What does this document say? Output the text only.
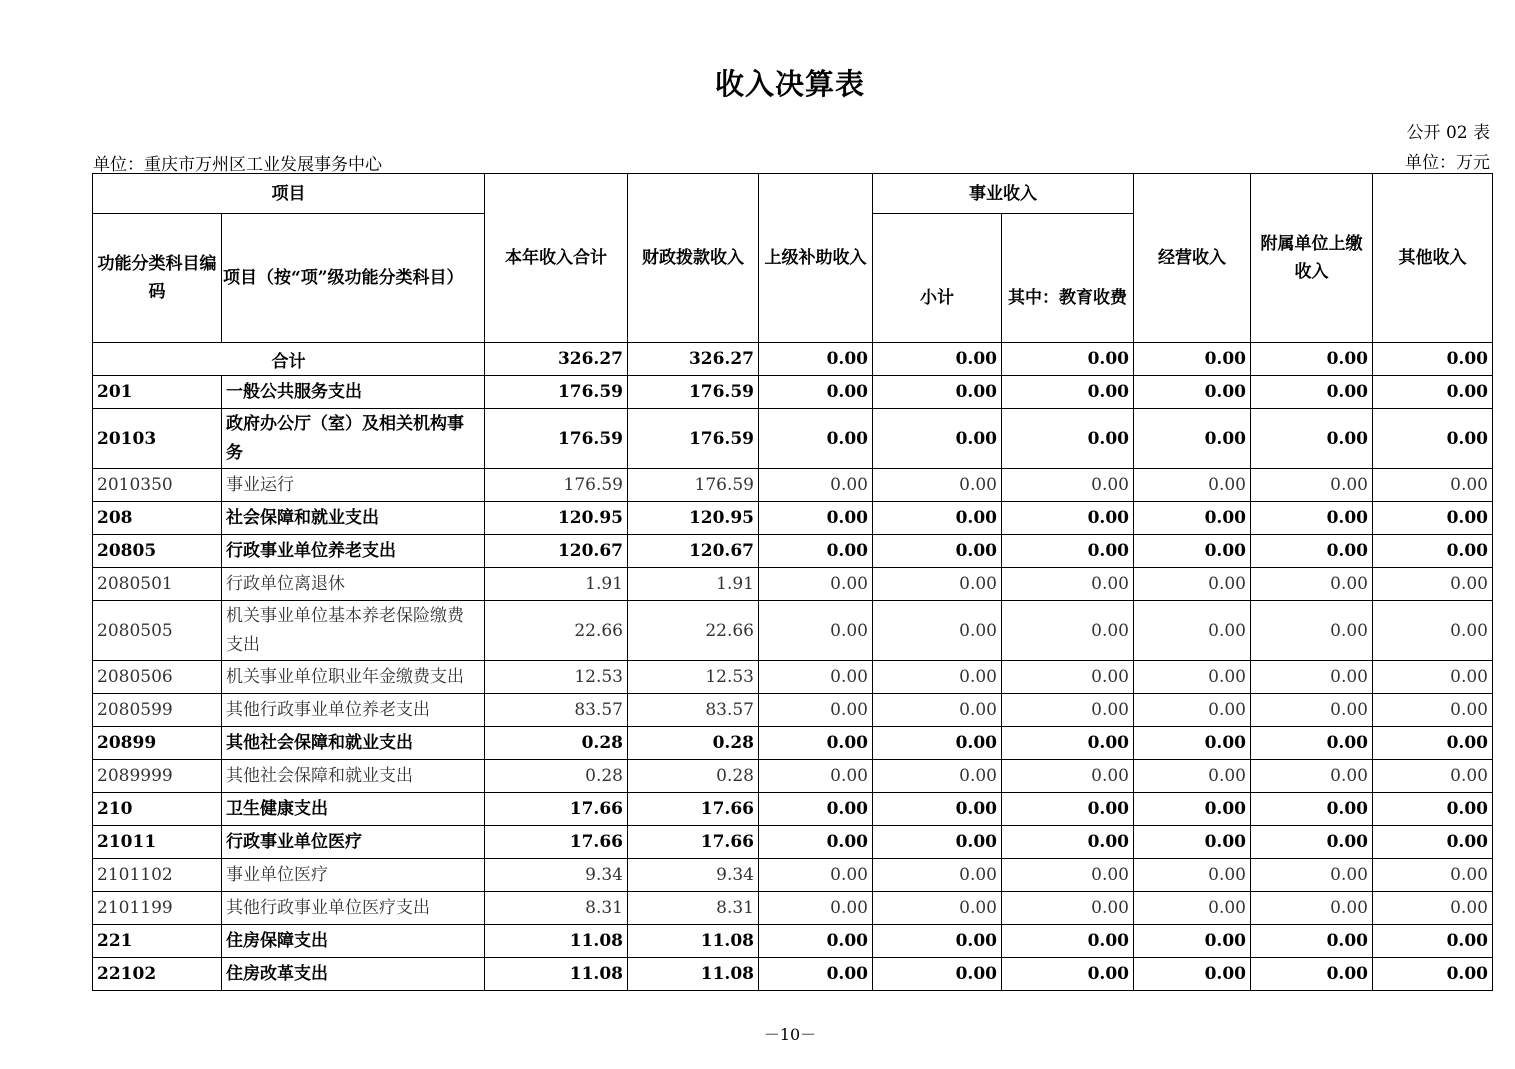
收入决算表
公开 02 表
单位：重庆市万州区工业发展事务中心	单位：万元
项目		本年收入合计	财政拨款收入	上级补助收入	事业收入		经营收入	附属单位上缴收入	其他收入
功能分类科目编码	项目（按“项”级功能分类科目）				小计	其中：教育收费			
合计		326.27	326.27	0.00	0.00	0.00	0.00	0.00	0.00
201	一般公共服务支出	176.59	176.59	0.00	0.00	0.00	0.00	0.00	0.00
20103	政府办公厅（室）及相关机构事务	176.59	176.59	0.00	0.00	0.00	0.00	0.00	0.00
2010350	事业运行	176.59	176.59	0.00	0.00	0.00	0.00	0.00	0.00
208	社会保障和就业支出	120.95	120.95	0.00	0.00	0.00	0.00	0.00	0.00
20805	行政事业单位养老支出	120.67	120.67	0.00	0.00	0.00	0.00	0.00	0.00
2080501	行政单位离退休	1.91	1.91	0.00	0.00	0.00	0.00	0.00	0.00
2080505	机关事业单位基本养老保险缴费支出	22.66	22.66	0.00	0.00	0.00	0.00	0.00	0.00
2080506	机关事业单位职业年金缴费支出	12.53	12.53	0.00	0.00	0.00	0.00	0.00	0.00
2080599	其他行政事业单位养老支出	83.57	83.57	0.00	0.00	0.00	0.00	0.00	0.00
20899	其他社会保障和就业支出	0.28	0.28	0.00	0.00	0.00	0.00	0.00	0.00
2089999	其他社会保障和就业支出	0.28	0.28	0.00	0.00	0.00	0.00	0.00	0.00
210	卫生健康支出	17.66	17.66	0.00	0.00	0.00	0.00	0.00	0.00
21011	行政事业单位医疗	17.66	17.66	0.00	0.00	0.00	0.00	0.00	0.00
2101102	事业单位医疗	9.34	9.34	0.00	0.00	0.00	0.00	0.00	0.00
2101199	其他行政事业单位医疗支出	8.31	8.31	0.00	0.00	0.00	0.00	0.00	0.00
221	住房保障支出	11.08	11.08	0.00	0.00	0.00	0.00	0.00	0.00
22102	住房改革支出	11.08	11.08	0.00	0.00	0.00	0.00	0.00	0.00
－10－
